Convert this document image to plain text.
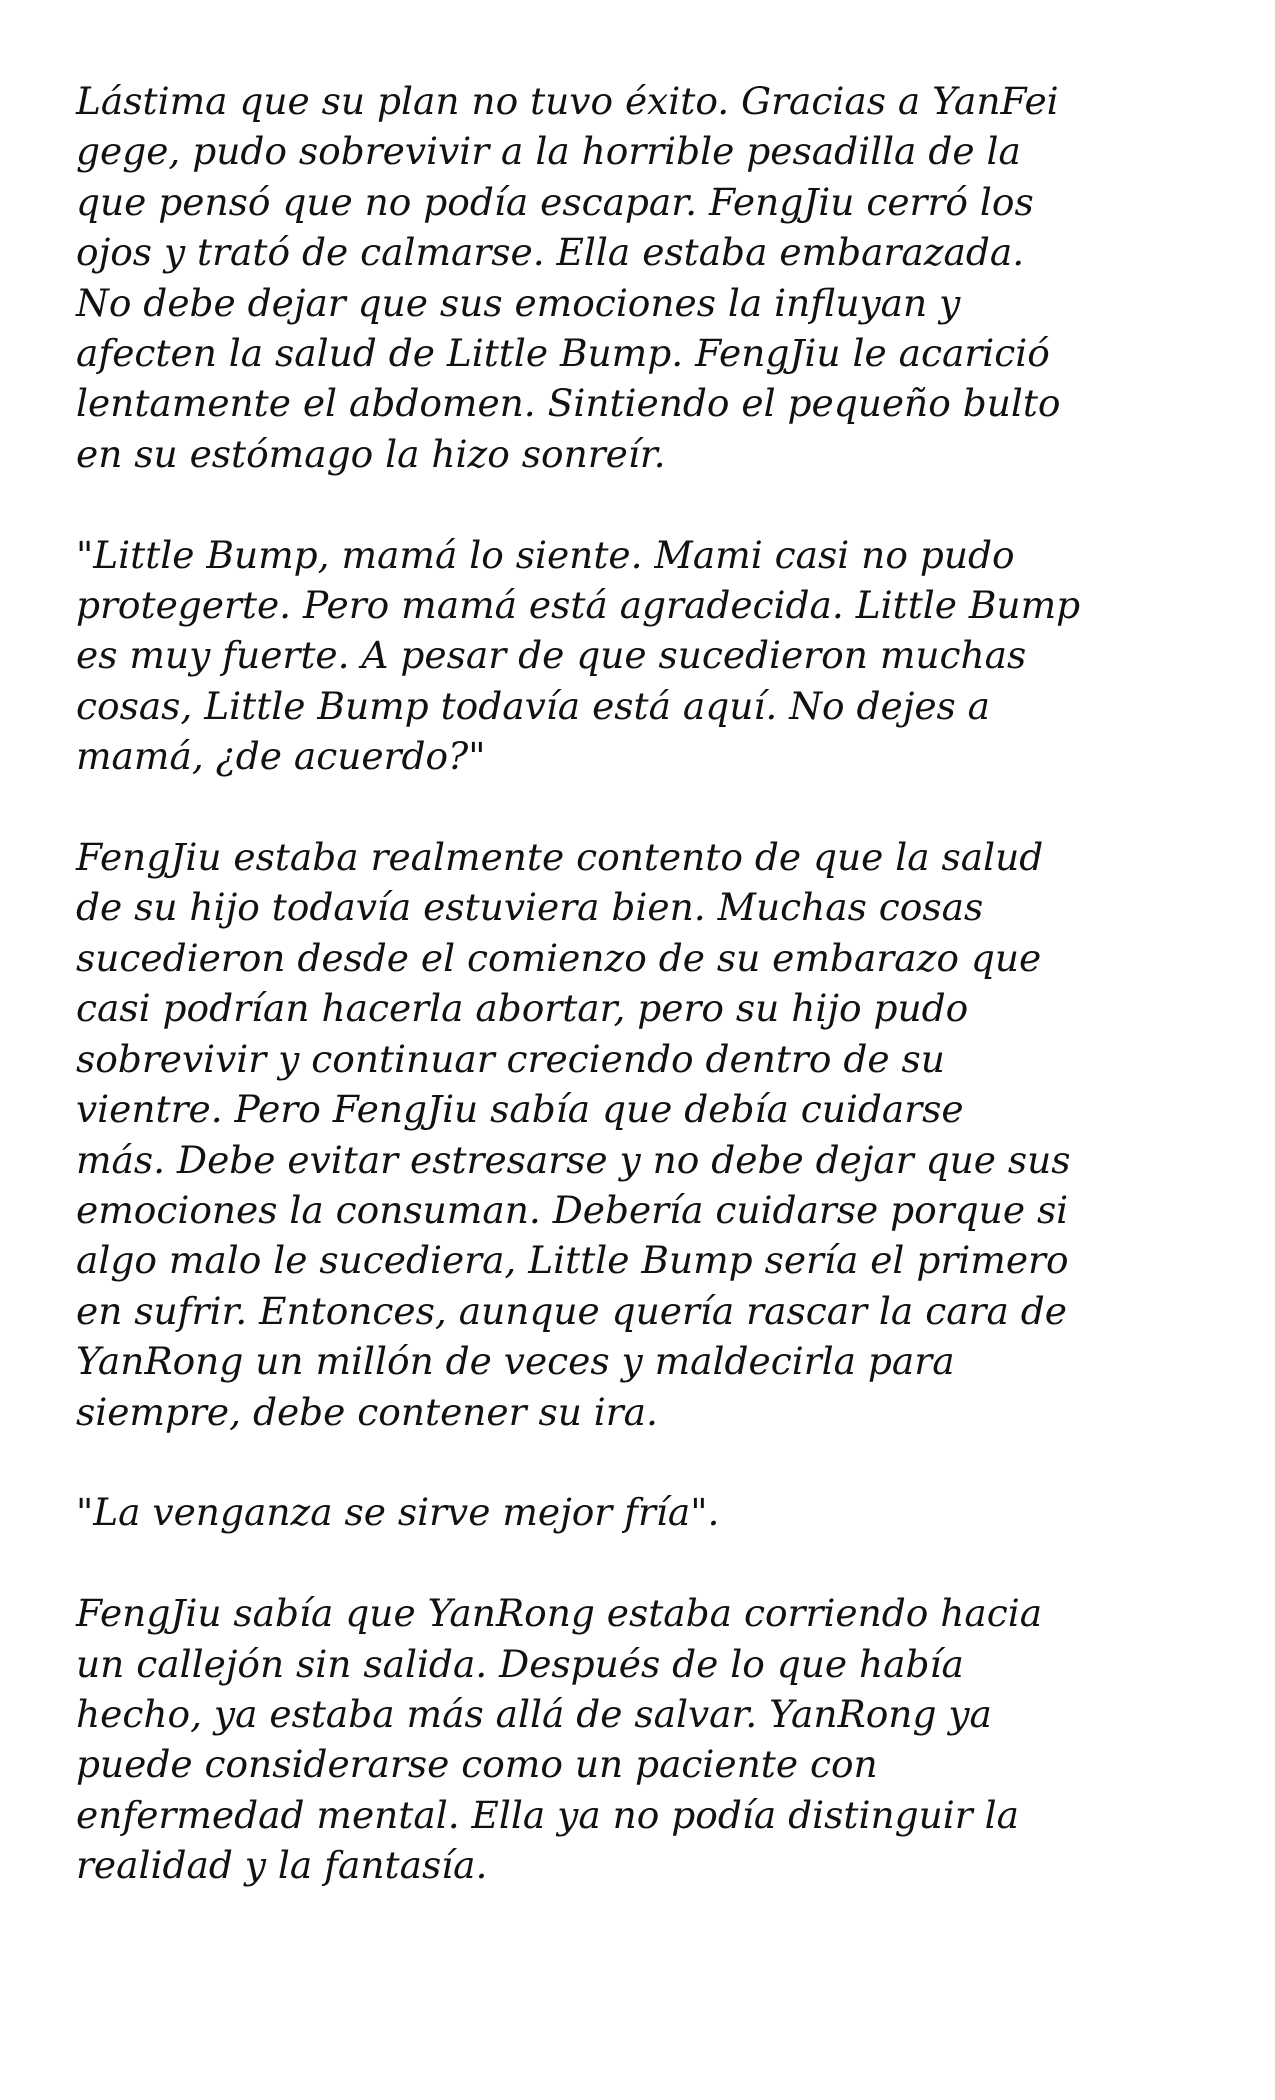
Lástima que su plan no tuvo éxito. Gracias a YanFei
gege, pudo sobrevivir a la horrible pesadilla de la
que pensó que no podía escapar. FengJiu cerró los
ojos y trató de calmarse. Ella estaba embarazada.
No debe dejar que sus emociones la influyan y
afecten la salud de Little Bump. FengJiu le acarició
lentamente el abdomen. Sintiendo el pequeño bulto
en su estómago la hizo sonreír.

"Little Bump, mamá lo siente. Mami casi no pudo
protegerte. Pero mamá está agradecida. Little Bump
es muy fuerte. A pesar de que sucedieron muchas
cosas, Little Bump todavía está aquí. No dejes a
mamá, ¿de acuerdo?"

FengJiu estaba realmente contento de que la salud
de su hijo todavía estuviera bien. Muchas cosas
sucedieron desde el comienzo de su embarazo que
casi podrían hacerla abortar, pero su hijo pudo
sobrevivir y continuar creciendo dentro de su
vientre. Pero FengJiu sabía que debía cuidarse
más. Debe evitar estresarse y no debe dejar que sus
emociones la consuman. Debería cuidarse porque si
algo malo le sucediera, Little Bump sería el primero
en sufrir. Entonces, aunque quería rascar la cara de
YanRong un millón de veces y maldecirla para
siempre, debe contener su ira.

"La venganza se sirve mejor fría".

FengJiu sabía que YanRong estaba corriendo hacia
un callejón sin salida. Después de lo que había
hecho, ya estaba más allá de salvar. YanRong ya
puede considerarse como un paciente con
enfermedad mental. Ella ya no podía distinguir la
realidad y la fantasía.
